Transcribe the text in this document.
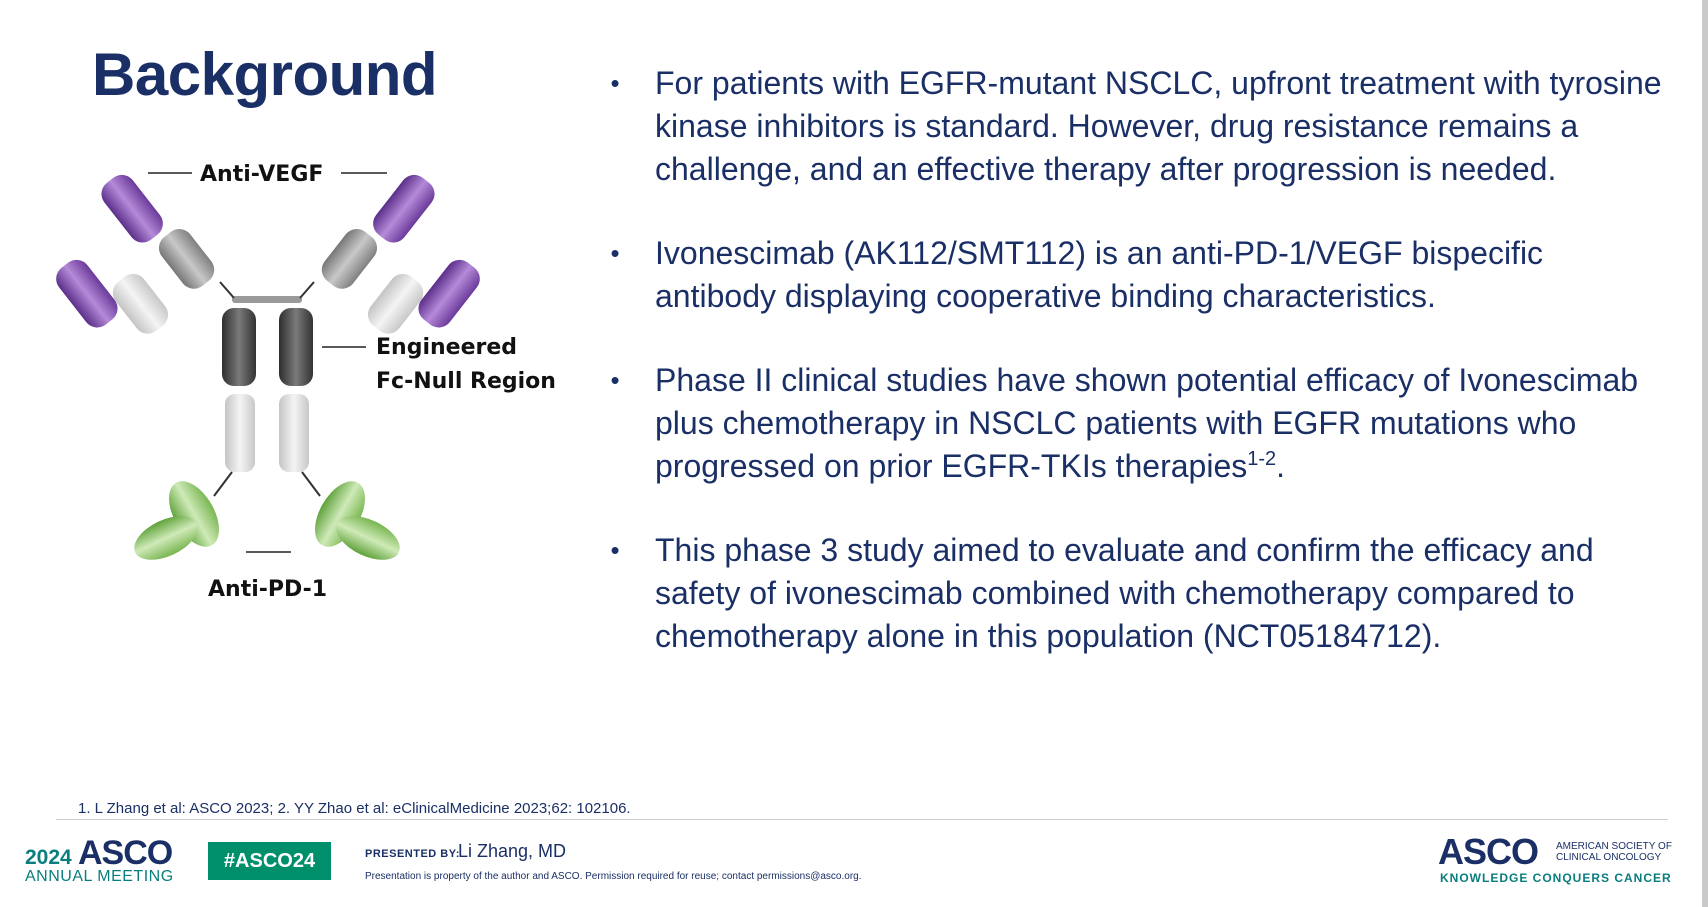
Background
Anti-VEGF
Engineered
Fc-Null Region
Anti-PD-1
• For patients with EGFR-mutant NSCLC, upfront treatment with tyrosine kinase inhibitors is standard. However, drug resistance remains a challenge, and an effective therapy after progression is needed.
• Ivonescimab (AK112/SMT112) is an anti-PD-1/VEGF bispecific antibody displaying cooperative binding characteristics.
• Phase II clinical studies have shown potential efficacy of Ivonescimab plus chemotherapy in NSCLC patients with EGFR mutations who progressed on prior EGFR-TKIs therapies$^{1-2}$.
• This phase 3 study aimed to evaluate and confirm the efficacy and safety of ivonescimab combined with chemotherapy compared to chemotherapy alone in this population (NCT05184712).
1. L Zhang et al: ASCO 2023; 2. YY Zhao et al: eClinicalMedicine 2023;62: 102106.
2024 ASCO
ANNUAL MEETING
#ASCO24	PRESENTED BY:
Li Zhang, MD
Presentation is property of the author and ASCO. Permission required for reuse; contact permissions@asco.org.
ASCO AMERICAN SOCIETY OF
CLINICAL ONCOLOGY
KNOWLEDGE CONQUERS CANCER
